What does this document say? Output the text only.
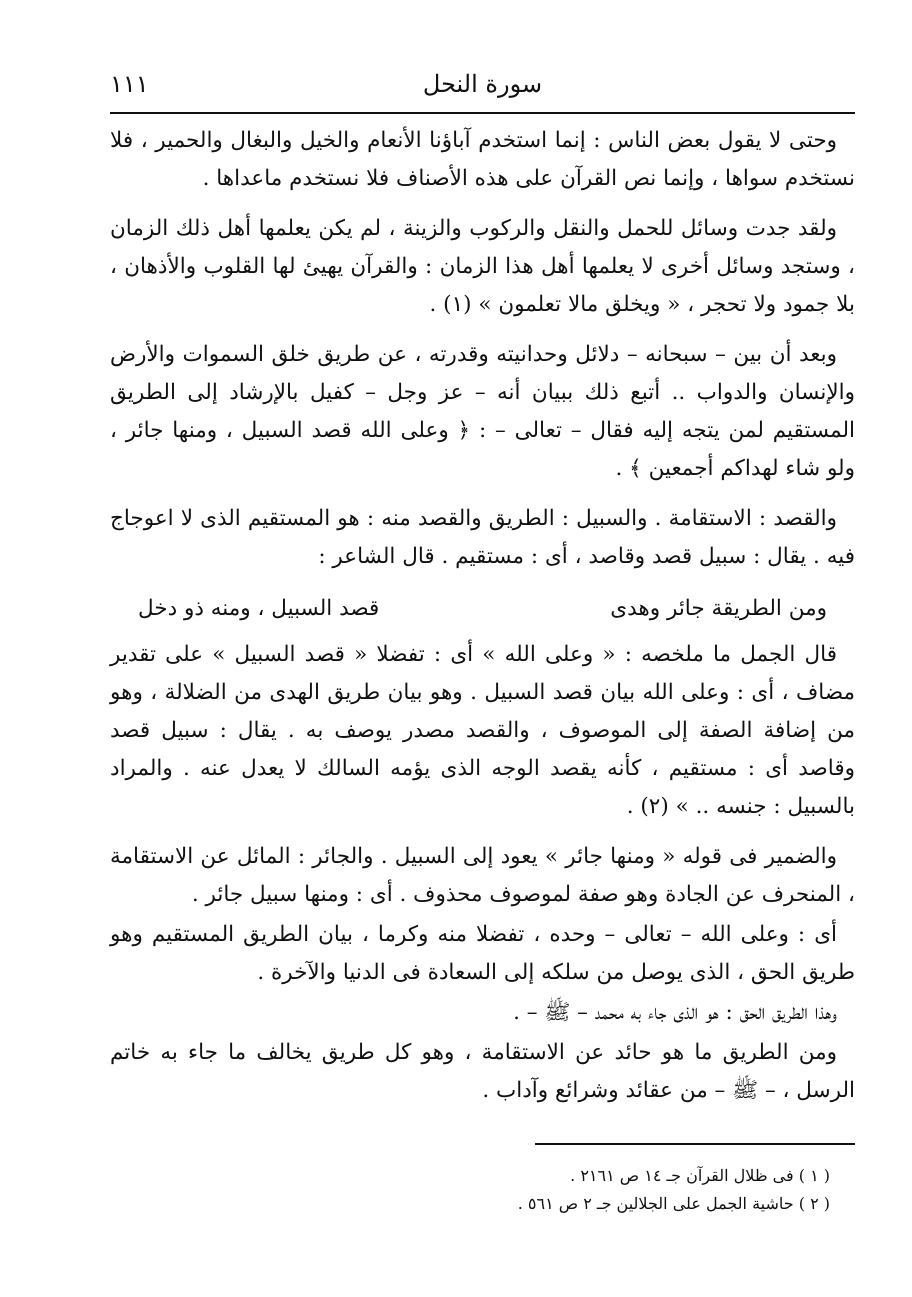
١١١	سورة النحل

وحتى لا يقول بعض الناس : إنما استخدم آباؤنا الأنعام والخيل والبغال والحمير ، فلا نستخدم سواها ، وإنما نص القرآن على هذه الأصناف فلا نستخدم ماعداها .

ولقد جدت وسائل للحمل والنقل والركوب والزينة ، لم يكن يعلمها أهل ذلك الزمان ، وستجد وسائل أخرى لا يعلمها أهل هذا الزمان : والقرآن يهيئ لها القلوب والأذهان ، بلا جمود ولا تحجر ، « ويخلق مالا تعلمون » (١) .

وبعد أن بين – سبحانه – دلائل وحدانيته وقدرته ، عن طريق خلق السموات والأرض والإنسان والدواب .. أتبع ذلك ببيان أنه – عز وجل – كفيل بالإرشاد إلى الطريق المستقيم لمن يتجه إليه فقال – تعالى – : ﴿ وعلى الله قصد السبيل ، ومنها جائر ، ولو شاء لهداكم أجمعين ﴾ .

والقصد : الاستقامة . والسبيل : الطريق والقصد منه : هو المستقيم الذى لا اعوجاج فيه . يقال : سبيل قصد وقاصد ، أى : مستقيم . قال الشاعر :

ومن الطريقة جائر وهدى
قصد السبيل ، ومنه ذو دخل

قال الجمل ما ملخصه : « وعلى الله » أى : تفضلا « قصد السبيل » على تقدير مضاف ، أى : وعلى الله بيان قصد السبيل . وهو بيان طريق الهدى من الضلالة ، وهو من إضافة الصفة إلى الموصوف ، والقصد مصدر يوصف به . يقال : سبيل قصد وقاصد أى : مستقيم ، كأنه يقصد الوجه الذى يؤمه السالك لا يعدل عنه . والمراد بالسبيل : جنسه .. » (٢) .

والضمير فى قوله « ومنها جائر » يعود إلى السبيل . والجائر : المائل عن الاستقامة ، المنحرف عن الجادة وهو صفة لموصوف محذوف . أى : ومنها سبيل جائر .

أى : وعلى الله – تعالى – وحده ، تفضلا منه وكرما ، بيان الطريق المستقيم وهو طريق الحق ، الذى يوصل من سلكه إلى السعادة فى الدنيا والآخرة .

وهذا الطريق الحق : هو الذى جاء به محمد – ﷺ – .

ومن الطريق ما هو حائد عن الاستقامة ، وهو كل طريق يخالف ما جاء به خاتم الرسل ، – ﷺ – من عقائد وشرائع وآداب .

( ١ ) فى ظلال القرآن جـ ١٤ ص ٢١٦١ .

( ٢ ) حاشية الجمل على الجلالين جـ ٢ ص ٥٦١ .
